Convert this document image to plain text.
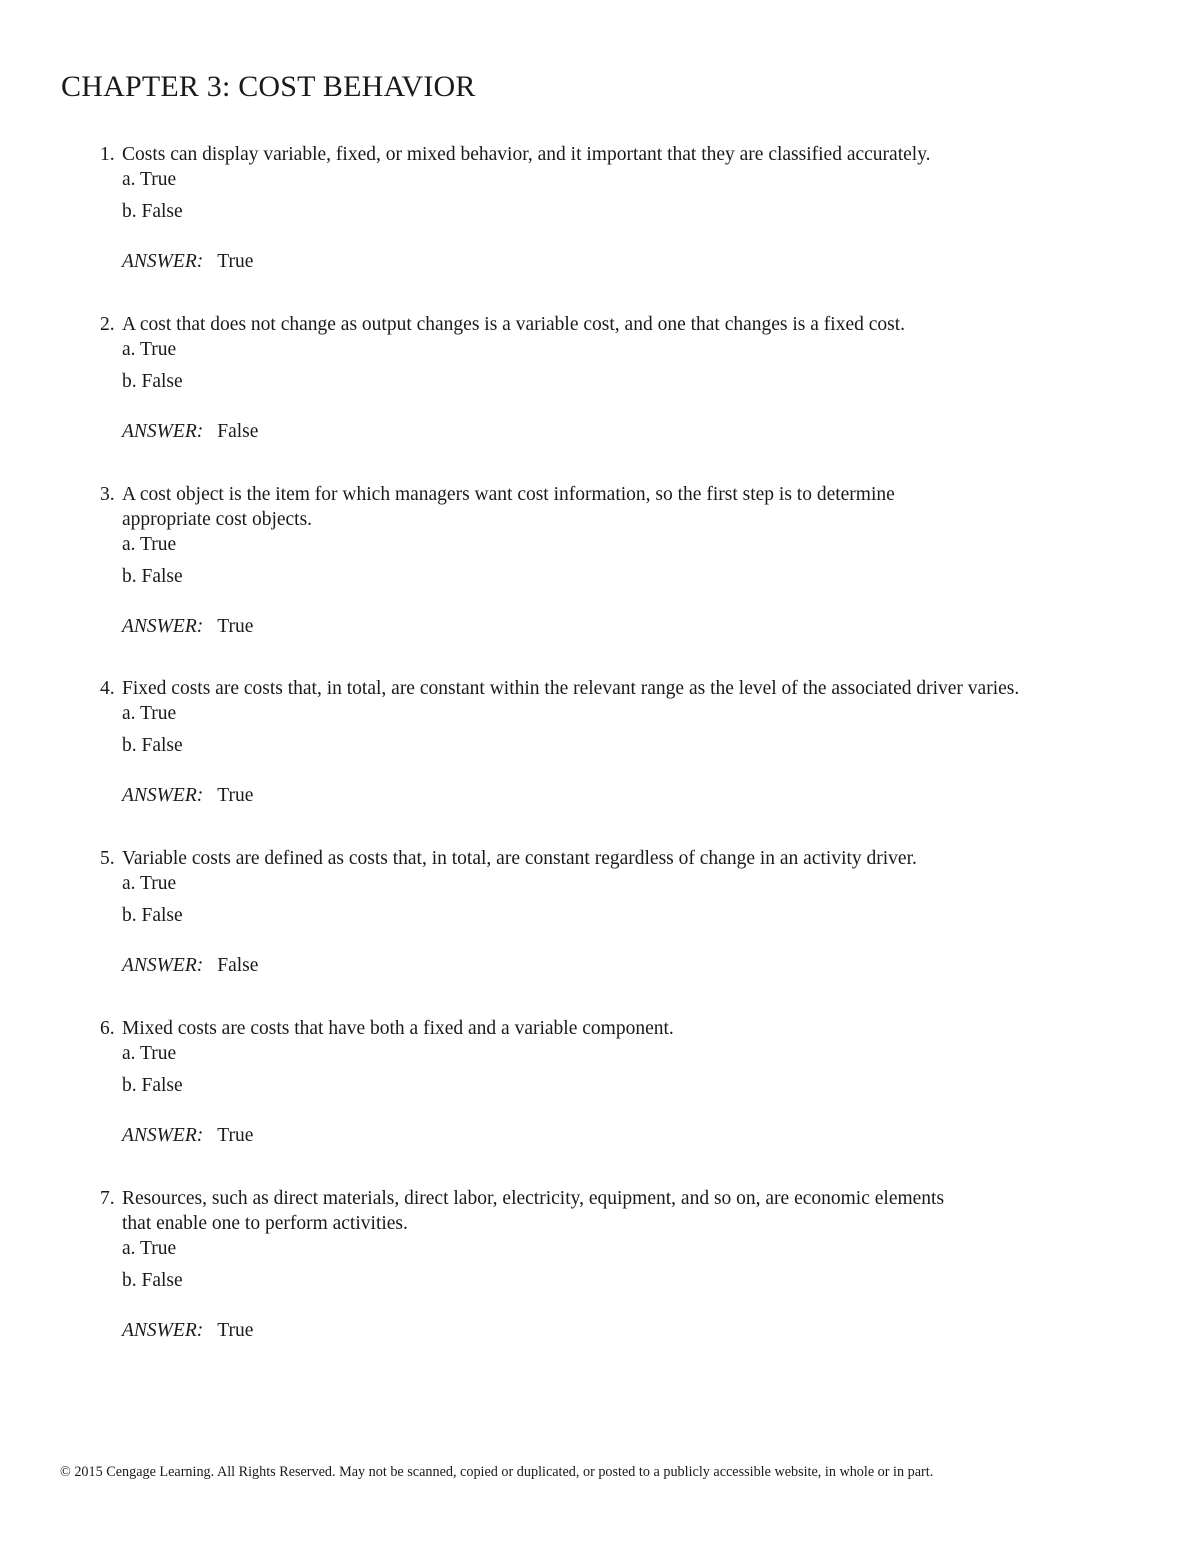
CHAPTER 3: COST BEHAVIOR
1. Costs can display variable, fixed, or mixed behavior, and it important that they are classified accurately.
a. True
b. False
ANSWER: True
2. A cost that does not change as output changes is a variable cost, and one that changes is a fixed cost.
a. True
b. False
ANSWER: False
3. A cost object is the item for which managers want cost information, so the first step is to determine
appropriate cost objects.
a. True
b. False
ANSWER: True
4. Fixed costs are costs that, in total, are constant within the relevant range as the level of the associated driver varies.
a. True
b. False
ANSWER: True
5. Variable costs are defined as costs that, in total, are constant regardless of change in an activity driver.
a. True
b. False
ANSWER: False
6. Mixed costs are costs that have both a fixed and a variable component.
a. True
b. False
ANSWER: True
7. Resources, such as direct materials, direct labor, electricity, equipment, and so on, are economic elements
that enable one to perform activities.
a. True
b. False
ANSWER: True
© 2015 Cengage Learning. All Rights Reserved. May not be scanned, copied or duplicated, or posted to a publicly accessible website, in whole or in part.
